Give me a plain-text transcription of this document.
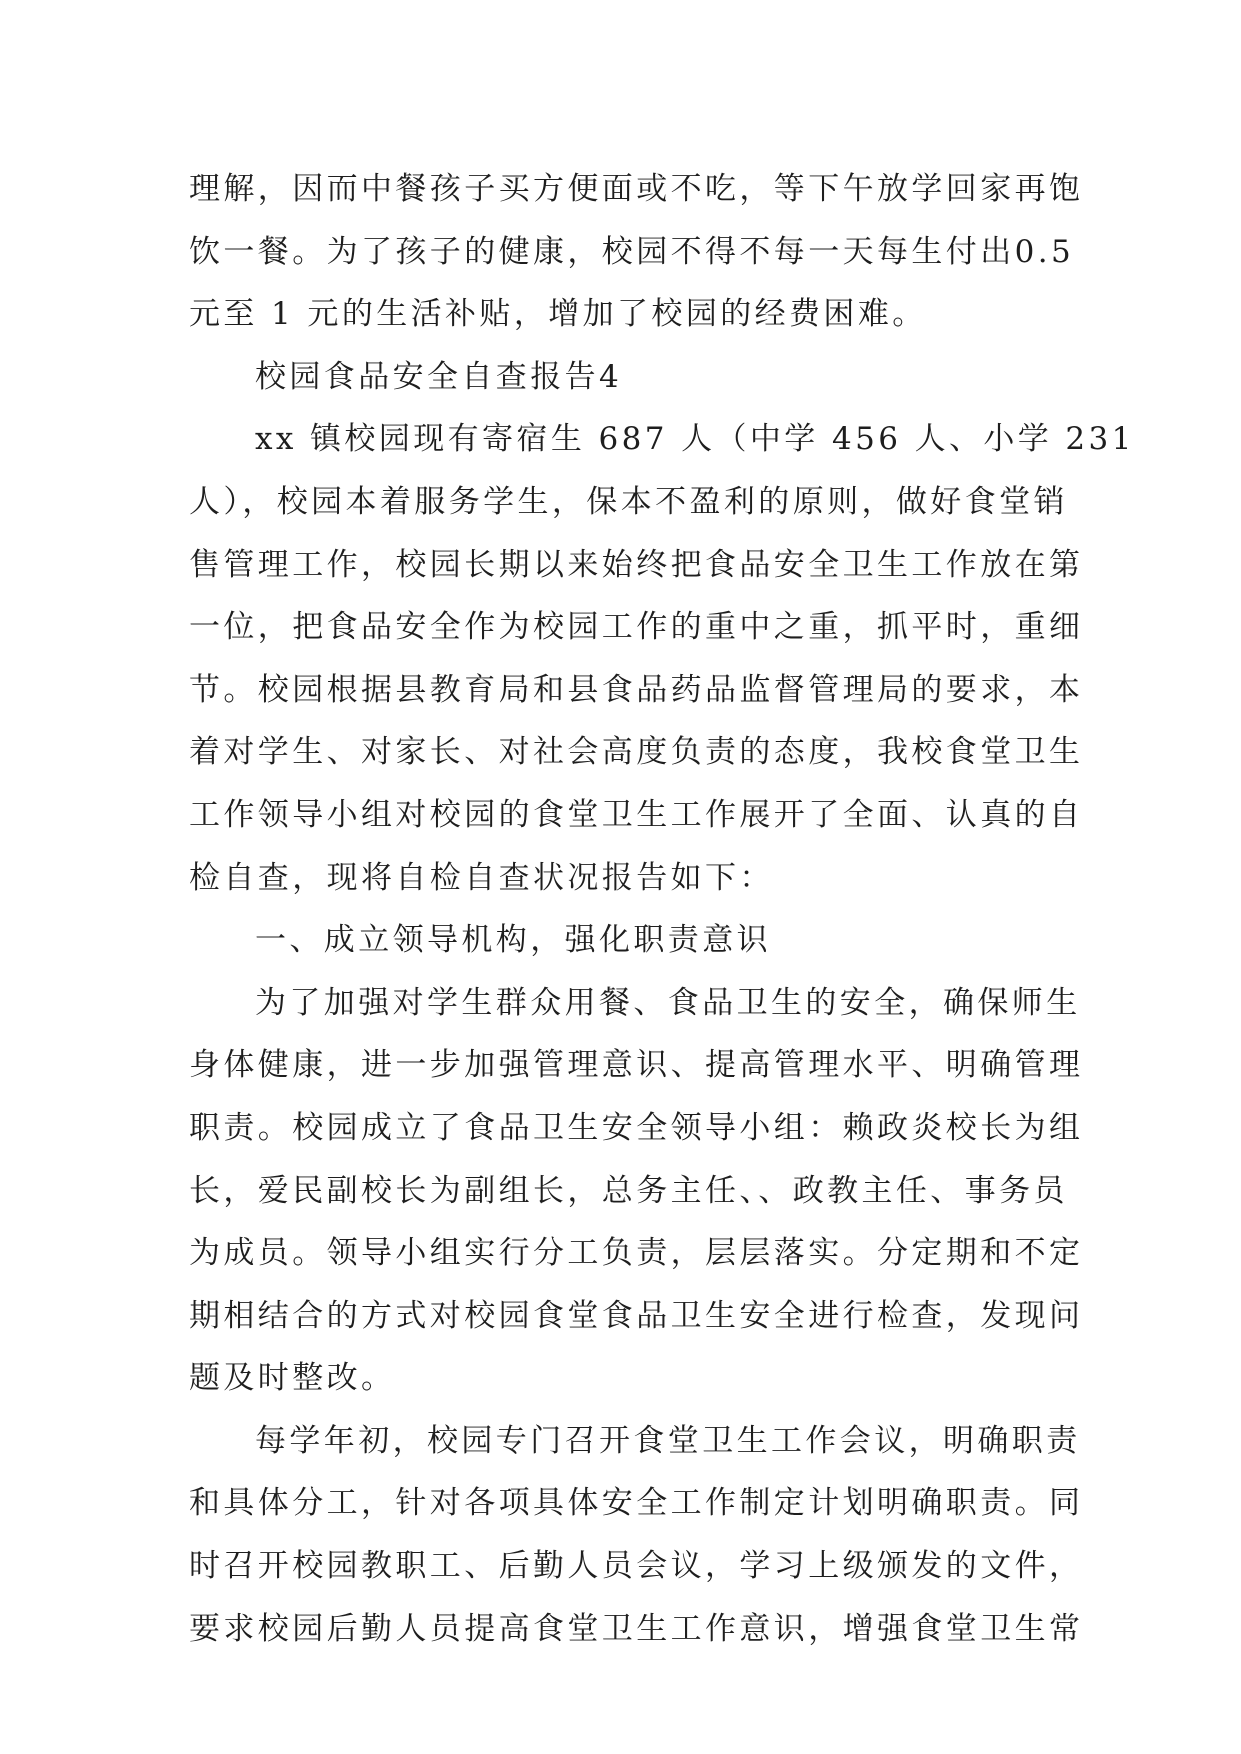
理解，因而中餐孩子买方便面或不吃，等下午放学回家再饱
饮一餐。为了孩子的健康，校园不得不每一天每生付出0.5
元至 1 元的生活补贴，增加了校园的经费困难。
校园食品安全自查报告4
xx 镇校园现有寄宿生 687 人（中学 456 人、小学 231
人），校园本着服务学生，保本不盈利的原则，做好食堂销
售管理工作，校园长期以来始终把食品安全卫生工作放在第
一位，把食品安全作为校园工作的重中之重，抓平时，重细
节。校园根据县教育局和县食品药品监督管理局的要求，本
着对学生、对家长、对社会高度负责的态度，我校食堂卫生
工作领导小组对校园的食堂卫生工作展开了全面、认真的自
检自查，现将自检自查状况报告如下：
一、成立领导机构，强化职责意识
为了加强对学生群众用餐、食品卫生的安全，确保师生
身体健康，进一步加强管理意识、提高管理水平、明确管理
职责。校园成立了食品卫生安全领导小组：赖政炎校长为组
长，爱民副校长为副组长，总务主任、、政教主任、事务员
为成员。领导小组实行分工负责，层层落实。分定期和不定
期相结合的方式对校园食堂食品卫生安全进行检查，发现问
题及时整改。
每学年初，校园专门召开食堂卫生工作会议，明确职责
和具体分工，针对各项具体安全工作制定计划明确职责。同
时召开校园教职工、后勤人员会议，学习上级颁发的文件，
要求校园后勤人员提高食堂卫生工作意识，增强食堂卫生常
